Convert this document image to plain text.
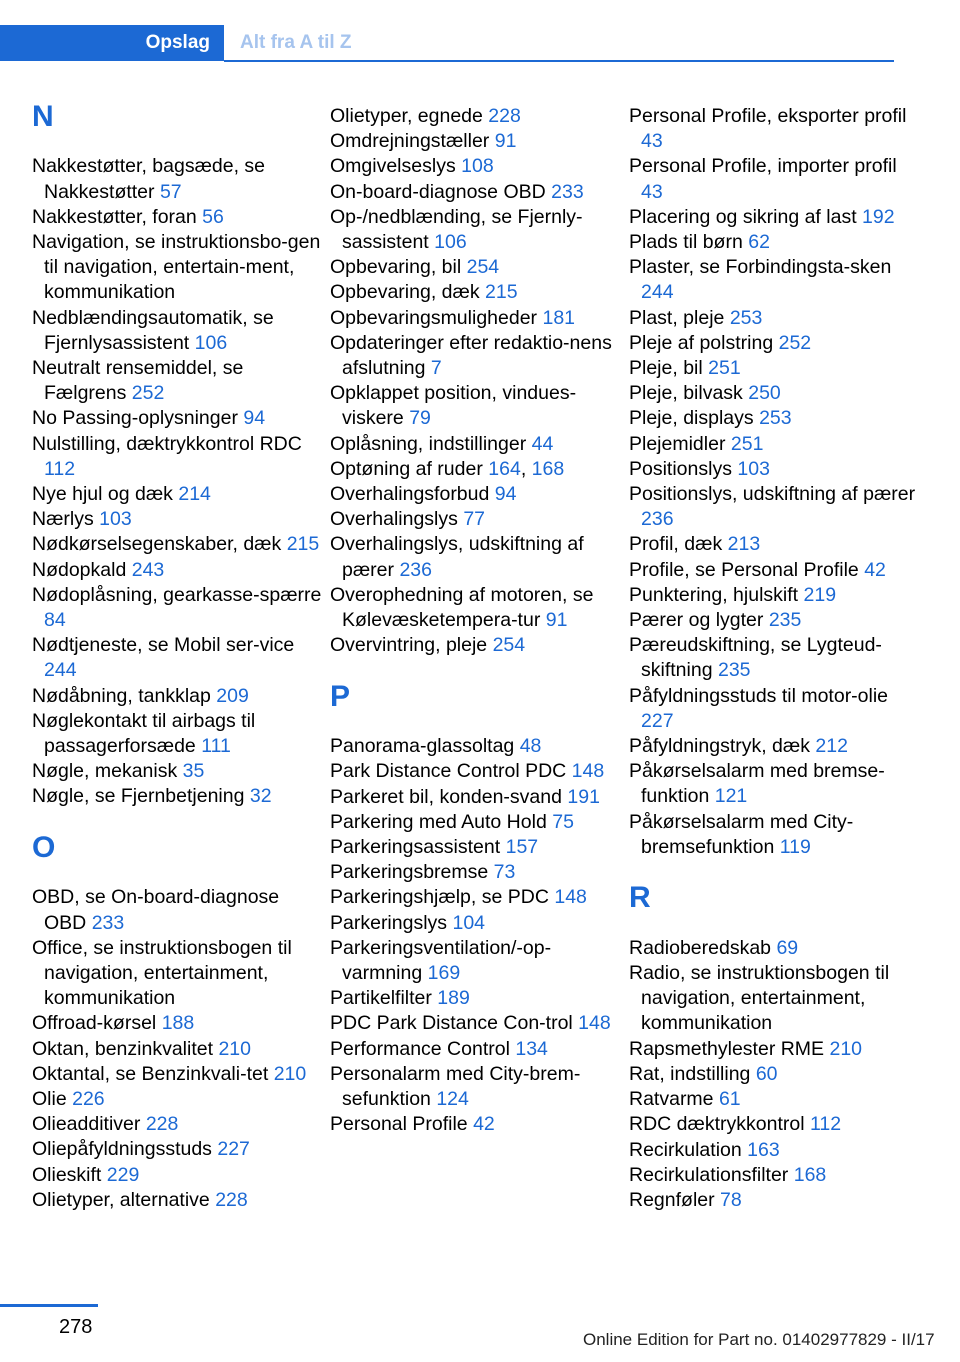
Opslag	Alt fra A til Z
N
Nakkestøtter, bagsæde, se Nakkestøtter 57
Nakkestøtter, foran 56
Navigation, se instruktionsbo-gen til navigation, entertain-ment, kommunikation
Nedblændingsautomatik, se Fjernlysassistent 106
Neutralt rensemiddel, se Fælgrens 252
No Passing-oplysninger 94
Nulstilling, dæktrykkontrol RDC 112
Nye hjul og dæk 214
Nærlys 103
Nødkørselsegenskaber, dæk 215
Nødopkald 243
Nødoplåsning, gearkasse-spærre 84
Nødtjeneste, se Mobil ser-vice 244
Nødåbning, tankklap 209
Nøglekontakt til airbags til passagerforsæde 111
Nøgle, mekanisk 35
Nøgle, se Fjernbetjening 32
O
OBD, se On-board-diagnose OBD 233
Office, se instruktionsbogen til navigation, entertainment, kommunikation
Offroad-kørsel 188
Oktan, benzinkvalitet 210
Oktantal, se Benzinkvali-tet 210
Olie 226
Olieadditiver 228
Oliepåfyldningsstuds 227
Olieskift 229
Olietyper, alternative 228
Olietyper, egnede 228
Omdrejningstæller 91
Omgivelseslys 108
On-board-diagnose OBD 233
Op-/nedblænding, se Fjernly-sassistent 106
Opbevaring, bil 254
Opbevaring, dæk 215
Opbevaringsmuligheder 181
Opdateringer efter redaktio-nens afslutning 7
Opklappet position, vindues-viskere 79
Oplåsning, indstillinger 44
Optøning af ruder 164, 168
Overhalingsforbud 94
Overhalingslys 77
Overhalingslys, udskiftning af pærer 236
Overophedning af motoren, se Kølevæsketempera-tur 91
Overvintring, pleje 254
P
Panorama-glassoltag 48
Park Distance Control PDC 148
Parkeret bil, konden-svand 191
Parkering med Auto Hold 75
Parkeringsassistent 157
Parkeringsbremse 73
Parkeringshjælp, se PDC 148
Parkeringslys 104
Parkeringsventilation/-op-varmning 169
Partikelfilter 189
PDC Park Distance Con-trol 148
Performance Control 134
Personalarm med City-brem-sefunktion 124
Personal Profile 42
Personal Profile, eksporter profil 43
Personal Profile, importer profil 43
Placering og sikring af last 192
Plads til børn 62
Plaster, se Forbindingsta-sken 244
Plast, pleje 253
Pleje af polstring 252
Pleje, bil 251
Pleje, bilvask 250
Pleje, displays 253
Plejemidler 251
Positionslys 103
Positionslys, udskiftning af pærer 236
Profil, dæk 213
Profile, se Personal Profile 42
Punktering, hjulskift 219
Pærer og lygter 235
Pæreudskiftning, se Lygteud-skiftning 235
Påfyldningsstuds til motor-olie 227
Påfyldningstryk, dæk 212
Påkørselsalarm med bremse-funktion 121
Påkørselsalarm med City-bremsefunktion 119
R
Radioberedskab 69
Radio, se instruktionsbogen til navigation, entertainment, kommunikation
Rapsmethylester RME 210
Rat, indstilling 60
Ratvarme 61
RDC dæktrykkontrol 112
Recirkulation 163
Recirkulationsfilter 168
Regnføler 78
278
Online Edition for Part no. 01402977829 - II/17
